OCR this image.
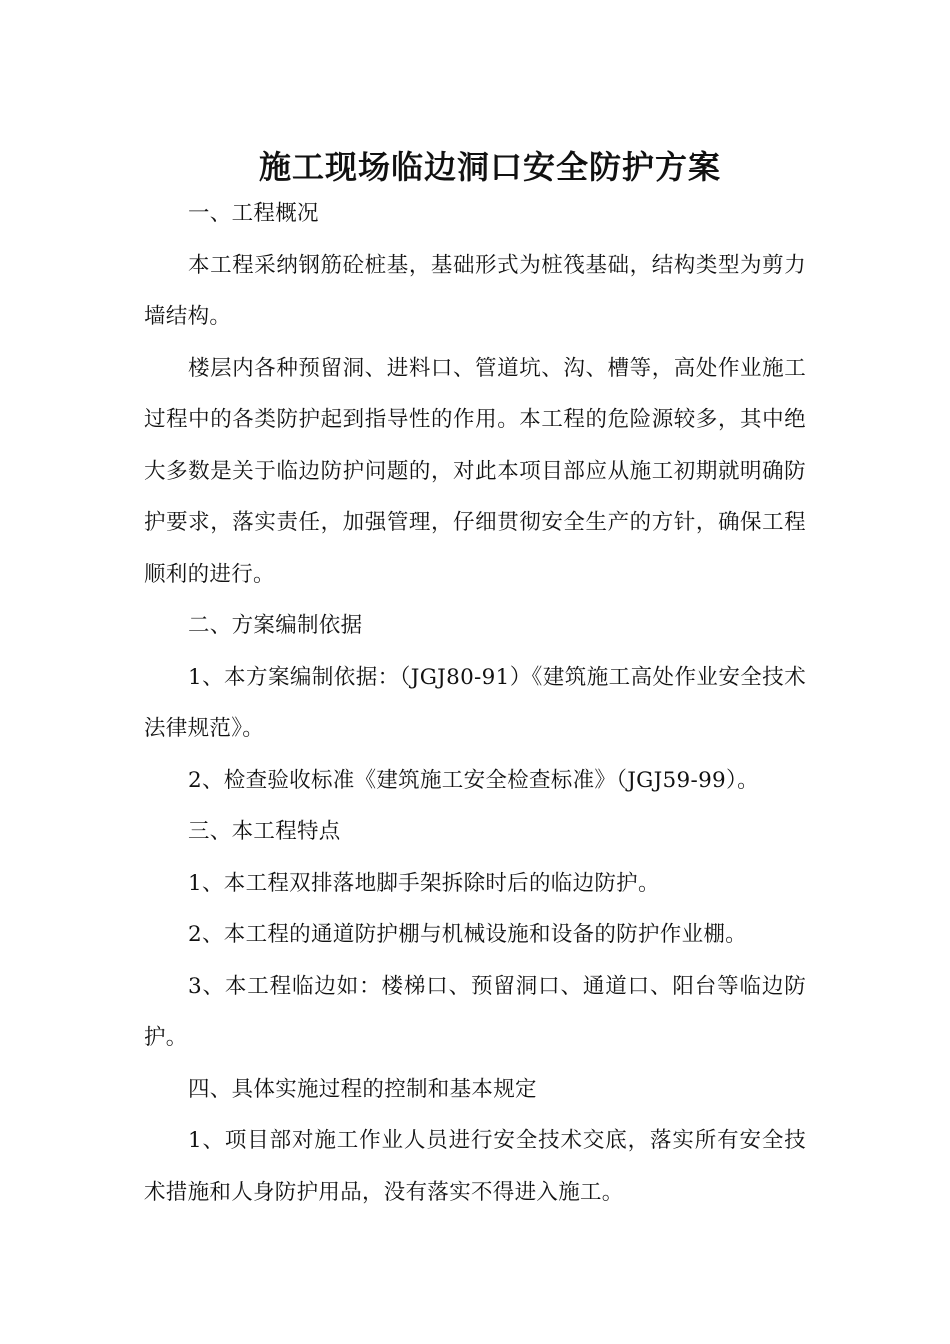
施工现场临边洞口安全防护方案

一、工程概况

本工程采纳钢筋砼桩基，基础形式为桩筏基础，结构类型为剪力墙结构。

楼层内各种预留洞、进料口、管道坑、沟、槽等，高处作业施工过程中的各类防护起到指导性的作用。本工程的危险源较多，其中绝大多数是关于临边防护问题的，对此本项目部应从施工初期就明确防护要求，落实责任，加强管理，仔细贯彻安全生产的方针，确保工程顺利的进行。

二、方案编制依据

1、本方案编制依据：（JGJ80-91）《建筑施工高处作业安全技术法律规范》。

2、检查验收标准《建筑施工安全检查标准》（JGJ59-99）。

三、本工程特点

1、本工程双排落地脚手架拆除时后的临边防护。

2、本工程的通道防护棚与机械设施和设备的防护作业棚。

3、本工程临边如：楼梯口、预留洞口、通道口、阳台等临边防护。

四、具体实施过程的控制和基本规定

1、项目部对施工作业人员进行安全技术交底，落实所有安全技术措施和人身防护用品，没有落实不得进入施工。
